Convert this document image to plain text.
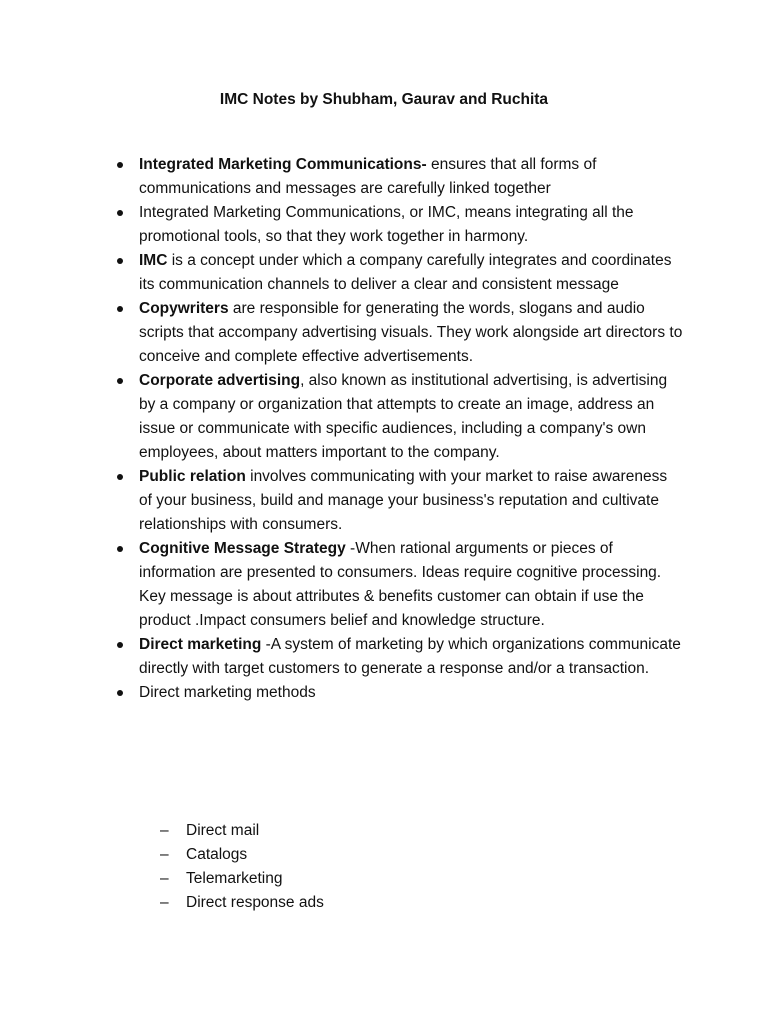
IMC Notes by Shubham, Gaurav and Ruchita
Integrated Marketing Communications- ensures that all forms of communications and messages are carefully linked together
Integrated Marketing Communications, or IMC, means integrating all the promotional tools, so that they work together in harmony.
IMC is a concept under which a company carefully integrates and coordinates its communication channels to deliver a clear and consistent message
Copywriters are responsible for generating the words, slogans and audio scripts that accompany advertising visuals. They work alongside art directors to conceive and complete effective advertisements.
Corporate advertising, also known as institutional advertising, is advertising by a company or organization that attempts to create an image, address an issue or communicate with specific audiences, including a company's own employees, about matters important to the company.
Public relation involves communicating with your market to raise awareness of your business, build and manage your business's reputation and cultivate relationships with consumers.
Cognitive Message Strategy -When rational arguments or pieces of information are presented to consumers. Ideas require cognitive processing. Key message is about attributes & benefits customer can obtain if use the product .Impact consumers belief and knowledge structure.
Direct marketing -A system of marketing by which organizations communicate directly with target customers to generate a response and/or a transaction.
Direct marketing methods
– Direct mail
– Catalogs
– Telemarketing
– Direct response ads
